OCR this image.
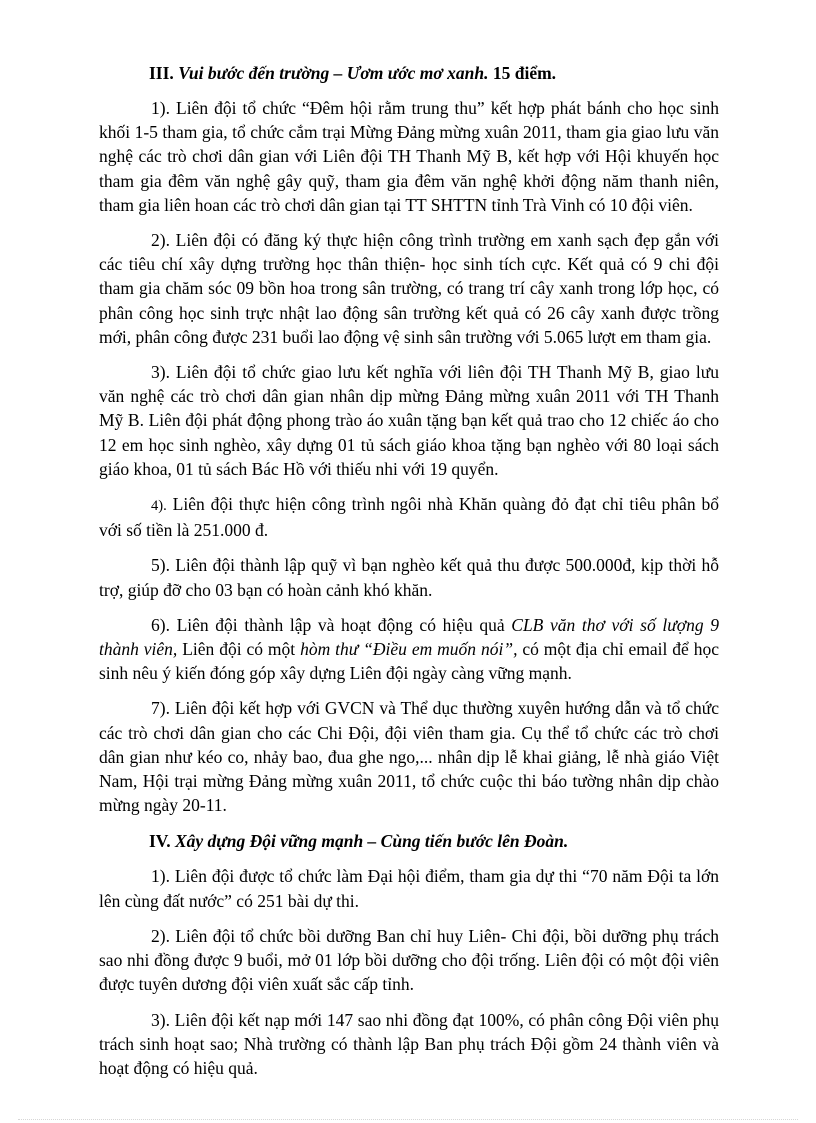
III. Vui bước đến trường – Ươm ước mơ xanh. 15 điểm.

1). Liên đội tổ chức “Đêm hội rằm trung thu” kết hợp phát bánh cho học sinh khối 1-5 tham gia, tổ chức cắm trại Mừng Đảng mừng xuân 2011, tham gia giao lưu văn nghệ các trò chơi dân gian với Liên đội TH Thanh Mỹ B, kết hợp với Hội khuyến học tham gia đêm văn nghệ gây quỹ, tham gia đêm văn nghệ khởi động năm thanh niên, tham gia liên hoan các trò chơi dân gian tại TT SHTTN tỉnh Trà Vinh có 10 đội viên.

2). Liên đội có đăng ký thực hiện công trình trường em xanh sạch đẹp gắn với các tiêu chí xây dựng trường học thân thiện- học sinh tích cực. Kết quả có 9 chi đội tham gia chăm sóc 09 bồn hoa trong sân trường, có trang trí cây xanh trong lớp học, có phân công học sinh trực nhật lao động sân trường kết quả có 26 cây xanh được trồng mới, phân công được 231 buổi lao động vệ sinh sân trường với 5.065 lượt em tham gia.

3). Liên đội tổ chức giao lưu kết nghĩa với liên đội TH Thanh Mỹ B, giao lưu văn nghệ các trò chơi dân gian nhân dịp mừng Đảng mừng xuân 2011 với TH Thanh Mỹ B. Liên đội phát động phong trào áo xuân tặng bạn kết quả trao cho 12 chiếc áo cho 12 em học sinh nghèo, xây dựng 01 tủ sách giáo khoa tặng bạn nghèo với 80 loại sách giáo khoa, 01 tủ sách Bác Hồ với thiếu nhi với 19 quyển.

4). Liên đội thực hiện công trình ngôi nhà Khăn quàng đỏ đạt chỉ tiêu phân bổ với số tiền là 251.000 đ.

5). Liên đội thành lập quỹ vì bạn nghèo kết quả thu được 500.000đ, kịp thời hỗ trợ, giúp đỡ cho 03 bạn có hoàn cảnh khó khăn.

6). Liên đội thành lập và hoạt động có hiệu quả CLB văn thơ với số lượng 9 thành viên, Liên đội có một hòm thư “Điều em muốn nói”, có một địa chỉ email để học sinh nêu ý kiến đóng góp xây dựng Liên đội ngày càng vững mạnh.

7). Liên đội kết hợp với GVCN và Thể dục thường xuyên hướng dẫn và tổ chức các trò chơi dân gian cho các Chi Đội, đội viên tham gia. Cụ thể tổ chức các trò chơi dân gian như kéo co, nhảy bao, đua ghe ngo,... nhân dịp lễ khai giảng, lễ nhà giáo Việt Nam, Hội trại mừng Đảng mừng xuân 2011, tổ chức cuộc thi báo tường nhân dịp chào mừng ngày 20-11.

IV. Xây dựng Đội vững mạnh – Cùng tiến bước lên Đoàn.

1). Liên đội được tổ chức làm Đại hội điểm, tham gia dự thi “70 năm Đội ta lớn lên cùng đất nước” có 251 bài dự thi.

2). Liên đội tổ chức bồi dưỡng Ban chỉ huy Liên- Chi đội, bồi dưỡng phụ trách sao nhi đồng được 9 buổi, mở 01 lớp bồi dưỡng cho đội trống. Liên đội có một đội viên được tuyên dương đội viên xuất sắc cấp tỉnh.

3). Liên đội kết nạp mới 147 sao nhi đồng đạt 100%, có phân công Đội viên phụ trách sinh hoạt sao; Nhà trường có thành lập Ban phụ trách Đội gồm 24 thành viên và hoạt động có hiệu quả.
